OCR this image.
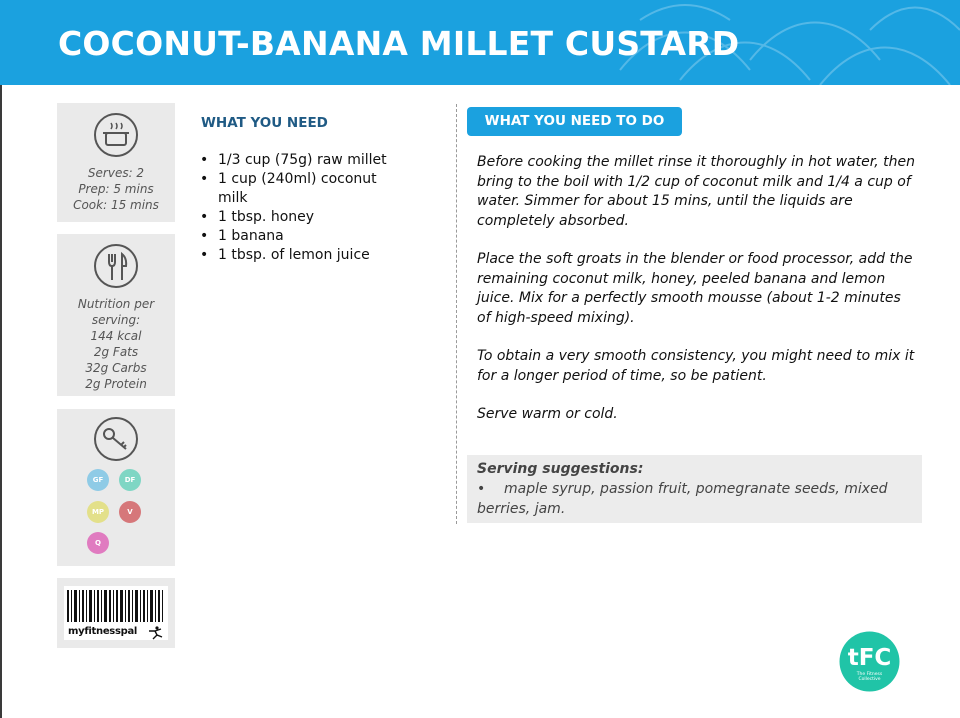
COCONUT-BANANA MILLET CUSTARD
Serves: 2
Prep: 5 mins
Cook: 15 mins
Nutrition per
serving:
144 kcal
2g Fats
32g Carbs
2g Protein
GF	DF
MP	V
Q
myfitnesspal
WHAT YOU NEED
• 1/3 cup (75g) raw millet
• 1 cup (240ml) coconut milk
• 1 tbsp. honey
• 1 banana
• 1 tbsp. of lemon juice
WHAT YOU NEED TO DO

Before cooking the millet rinse it thoroughly in hot water, then bring to the boil with 1/2 cup of coconut milk and 1/4 a cup of water. Simmer for about 15 mins, until the liquids are completely absorbed.

Place the soft groats in the blender or food processor, add the remaining coconut milk, honey, peeled banana and lemon juice. Mix for a perfectly smooth mousse (about 1-2 minutes of high-speed mixing).

To obtain a very smooth consistency, you might need to mix it for a longer period of time, so be patient.

Serve warm or cold.

Serving suggestions:
• maple syrup, passion fruit, pomegranate seeds, mixed berries, jam.
tFC
The Fitness
Collective
